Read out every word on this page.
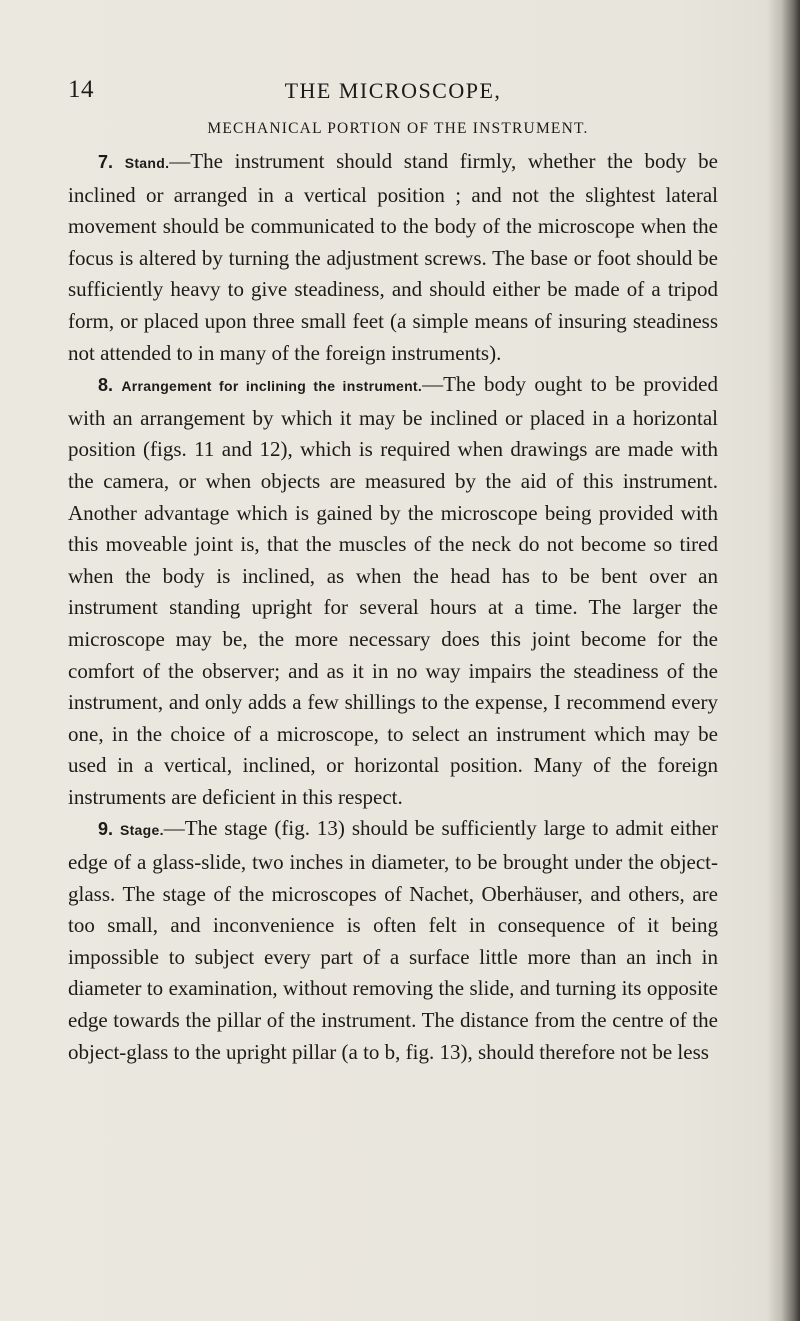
14	THE MICROSCOPE,
MECHANICAL PORTION OF THE INSTRUMENT.

7. Stand.—The instrument should stand firmly, whether the body be inclined or arranged in a vertical position ; and not the slightest lateral movement should be communicated to the body of the microscope when the focus is altered by turning the adjustment screws. The base or foot should be sufficiently heavy to give steadiness, and should either be made of a tripod form, or placed upon three small feet (a simple means of insuring steadiness not attended to in many of the foreign instruments).

8. Arrangement for inclining the instrument.—The body ought to be provided with an arrangement by which it may be inclined or placed in a horizontal position (figs. 11 and 12), which is required when drawings are made with the camera, or when objects are measured by the aid of this instrument. Another advantage which is gained by the microscope being provided with this moveable joint is, that the muscles of the neck do not become so tired when the body is inclined, as when the head has to be bent over an instrument standing upright for several hours at a time. The larger the microscope may be, the more necessary does this joint become for the comfort of the observer; and as it in no way impairs the steadiness of the instrument, and only adds a few shillings to the expense, I recommend every one, in the choice of a microscope, to select an instrument which may be used in a vertical, inclined, or horizontal position. Many of the foreign instruments are deficient in this respect.

9. Stage.—The stage (fig. 13) should be sufficiently large to admit either edge of a glass-slide, two inches in diameter, to be brought under the object-glass. The stage of the microscopes of Nachet, Oberhäuser, and others, are too small, and inconvenience is often felt in consequence of it being impossible to subject every part of a surface little more than an inch in diameter to examination, without removing the slide, and turning its opposite edge towards the pillar of the instrument. The distance from the centre of the object-glass to the upright pillar (a to b, fig. 13), should therefore not be less
